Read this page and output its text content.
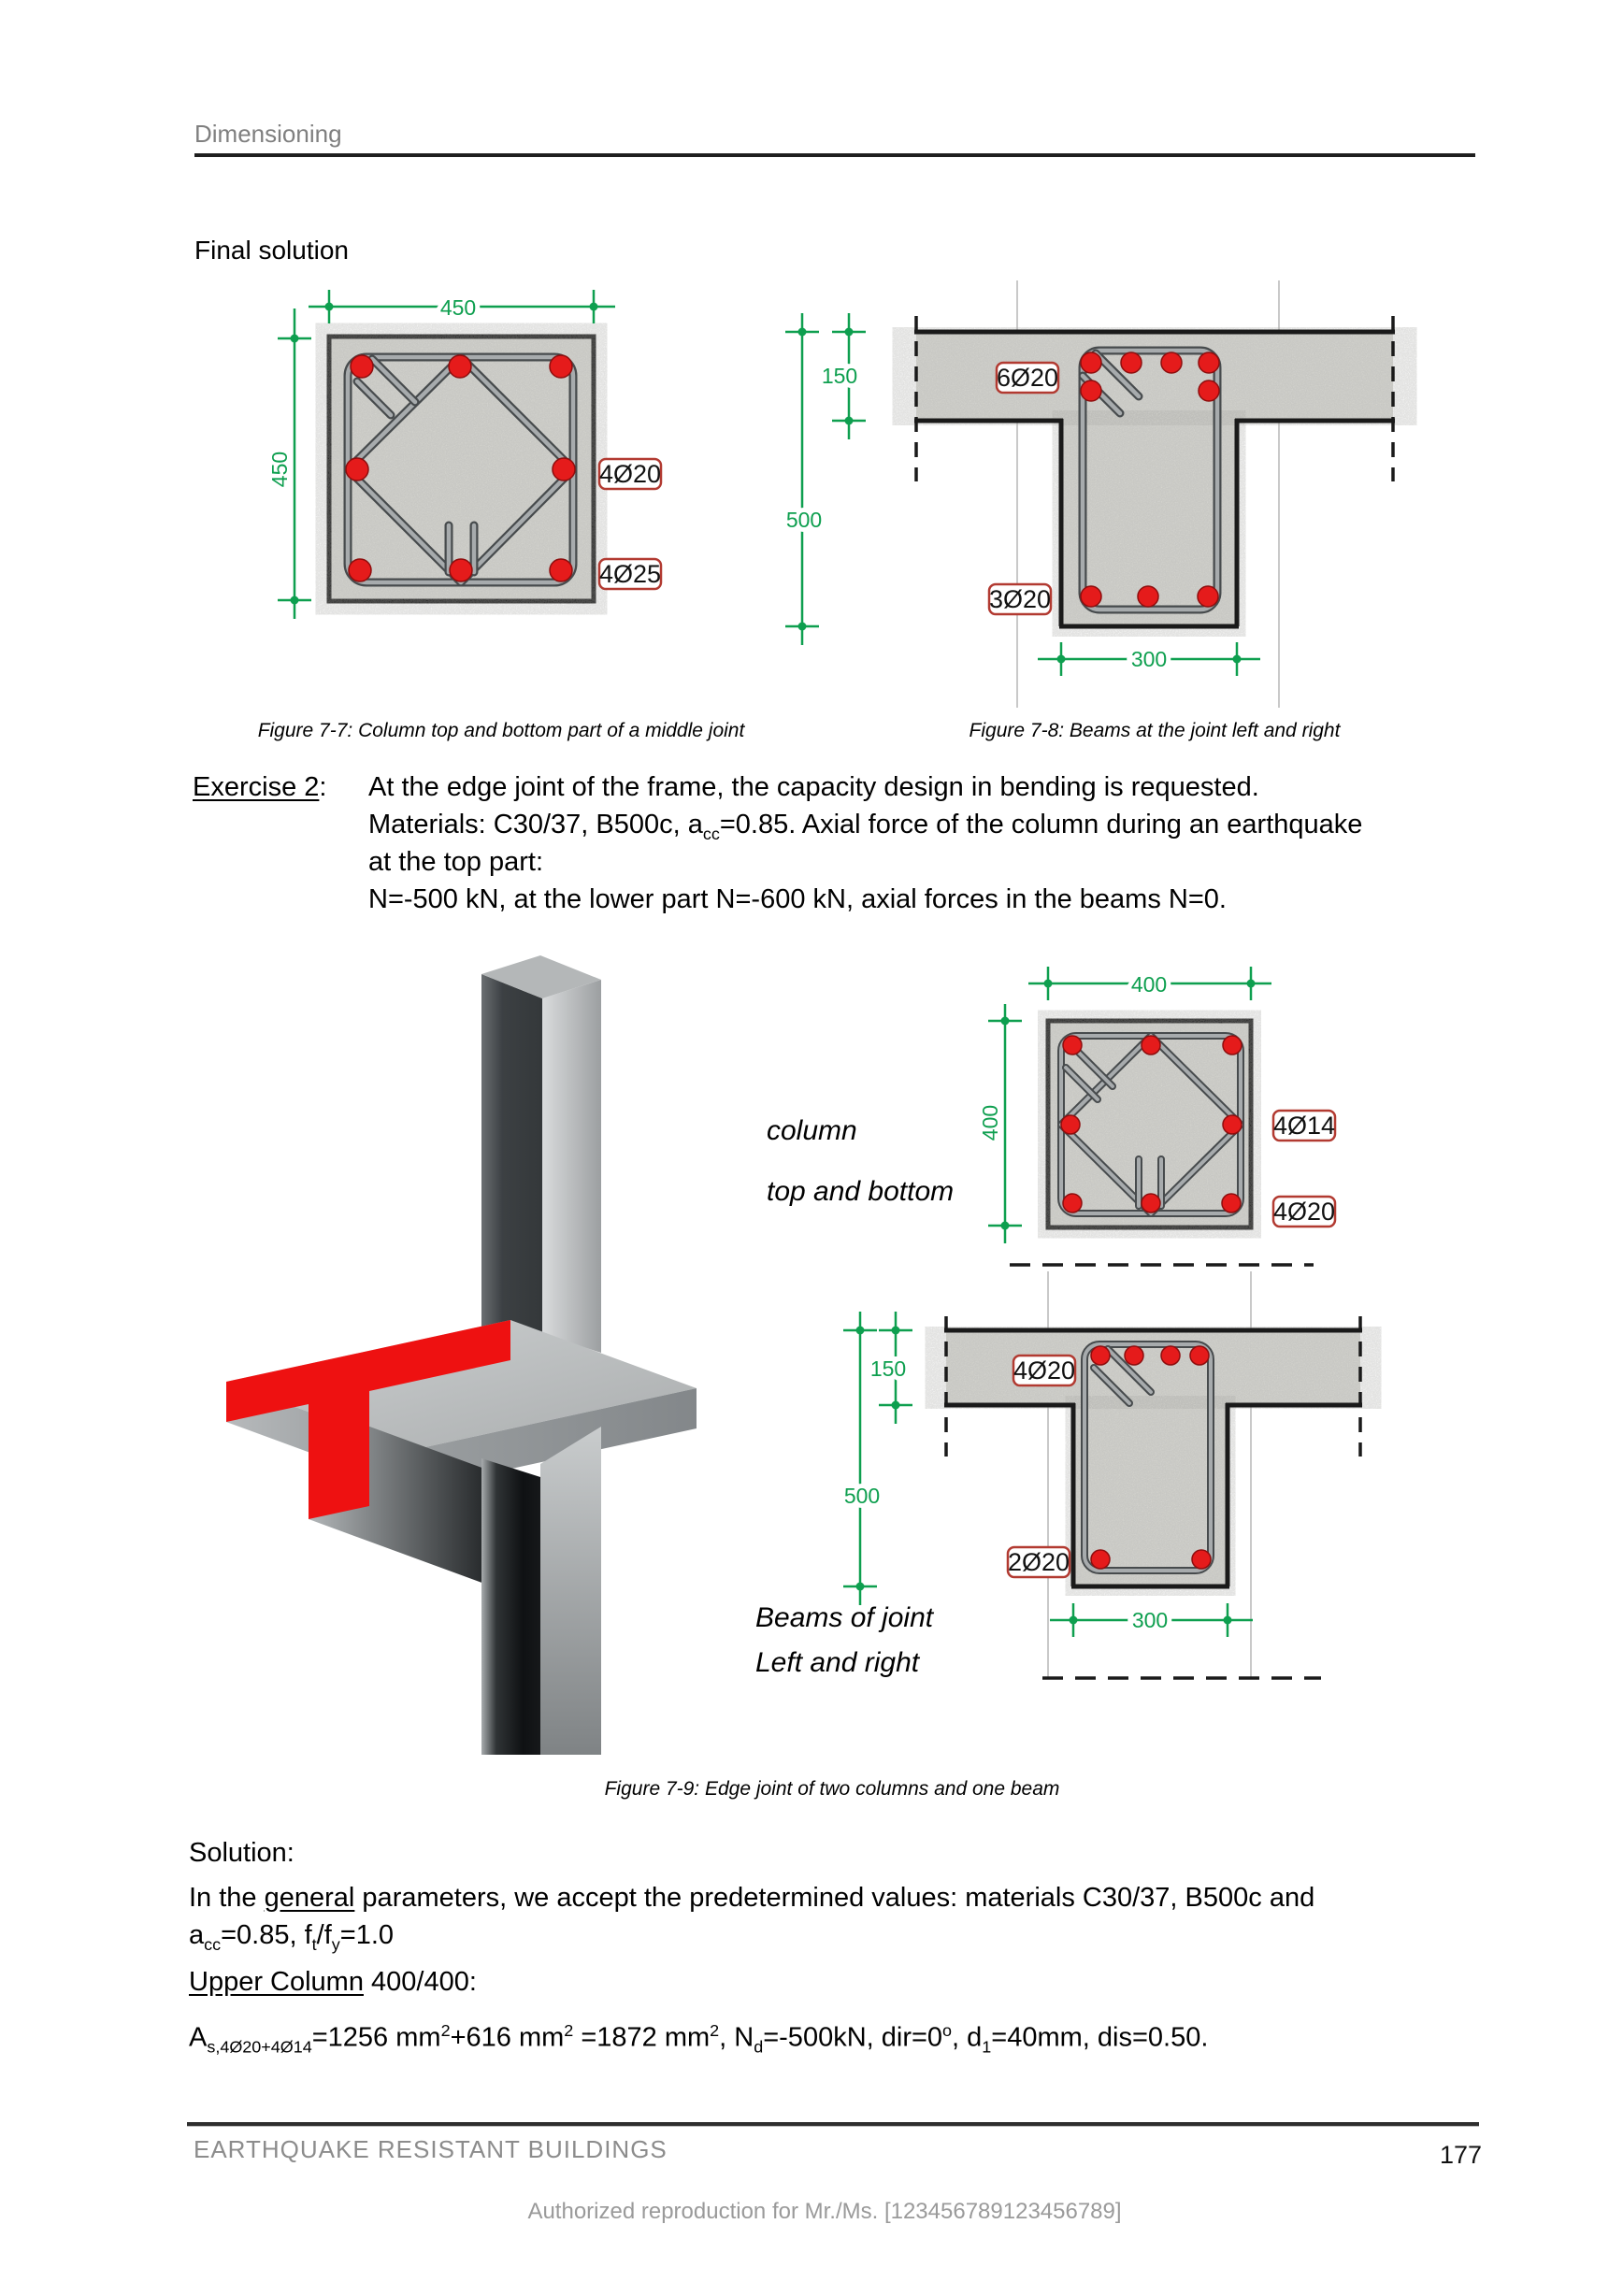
450
450	4Ø20
4Ø25
150
500
300
6Ø20
3Ø20
400
400	4Ø14
4Ø20
150
500
300
4Ø20
2Ø20
Dimensioning
Final solution
Figure 7-7: Column top and bottom part of a middle joint	Figure 7-8: Beams at the joint left and right
Exercise 2: At the edge joint of the frame, the capacity design in bending is requested.
Materials: C30/37, B500c, $a_{cc}=0.85$. Axial force of the column during an earthquake
at the top part:
N=-500 kN, at the lower part N=-600 kN, axial forces in the beams N=0.
column
top and bottom
Beams of joint
Left and right
Figure 7-9: Edge joint of two columns and one beam
Solution:
In the general parameters, we accept the predetermined values: materials C30/37, B500c and
$a_{cc}=0.85$, $f_t/f_y=1.0$
Upper Column 400/400:
$A_{s,4Ø20+4Ø14}=1256$ $mm^2+616$ $mm^2 =1872$ $mm^2$, $N_d=-500kN$, $dir=0^o$, $d_1=40mm$, dis=0.50.
EARTHQUAKE RESISTANT BUILDINGS	177
Authorized reproduction for Mr./Ms. [123456789123456789]
